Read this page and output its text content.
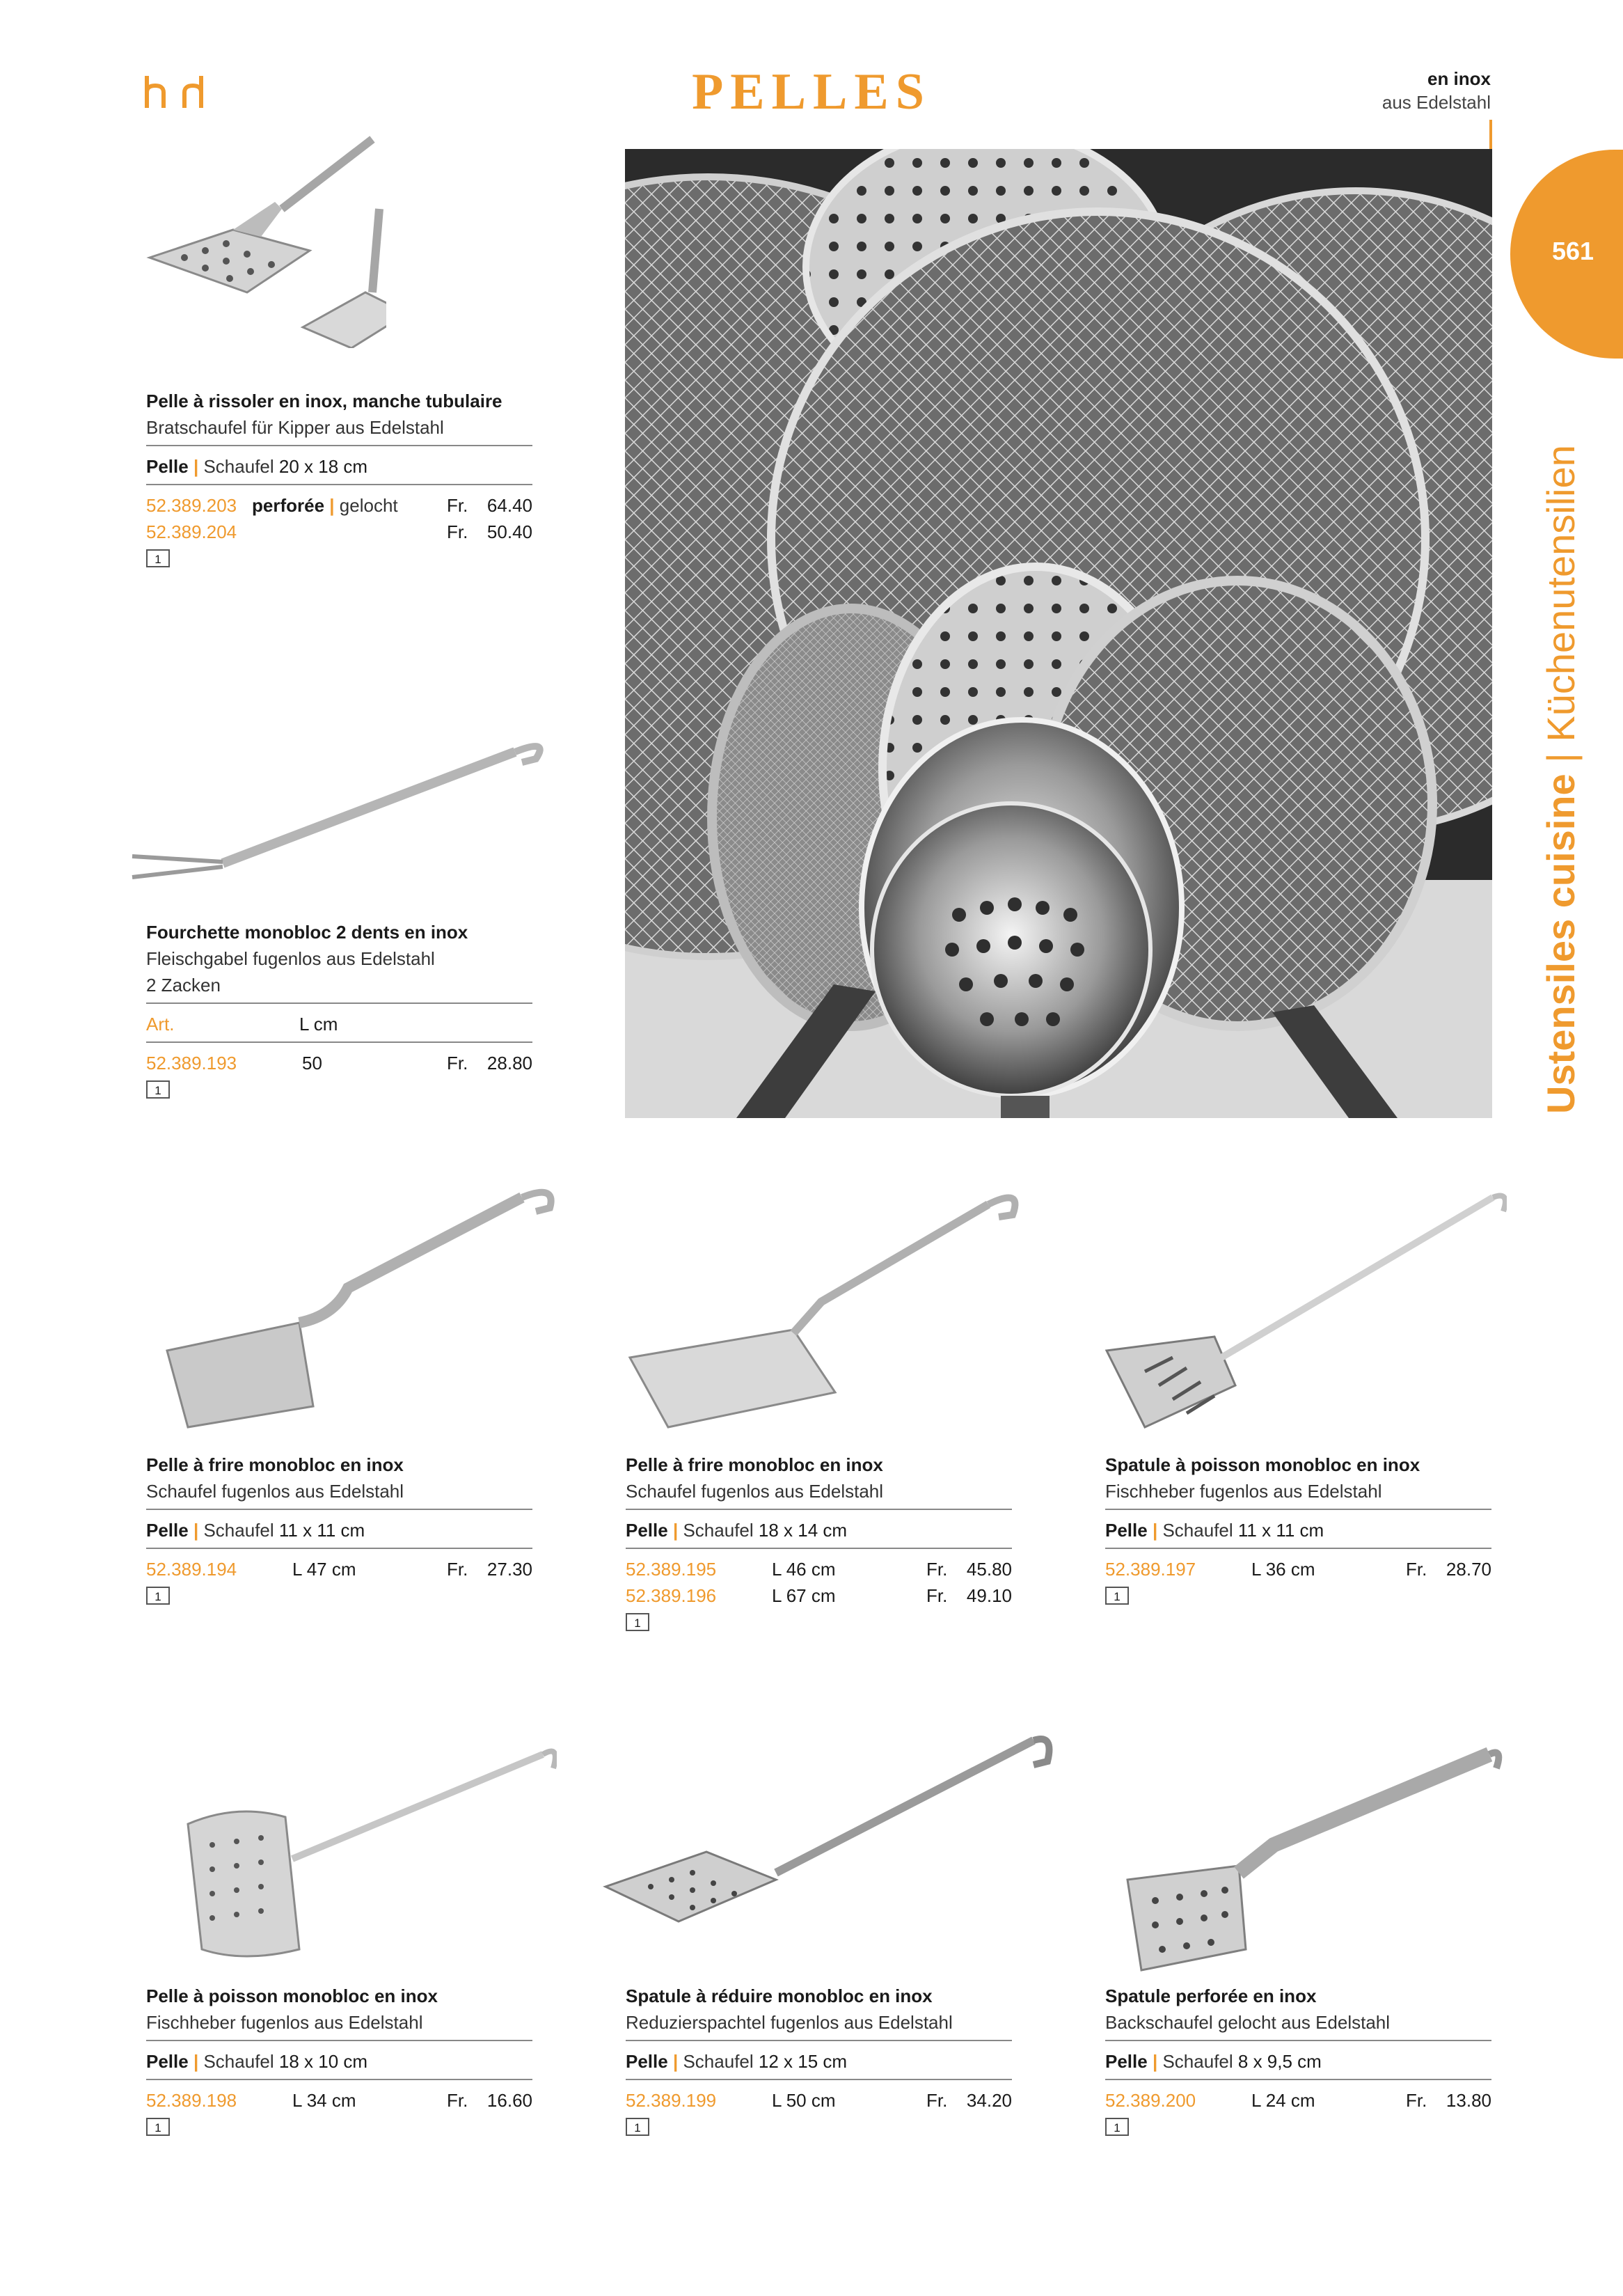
PELLES	en inox
aus Edelstahl
561
Ustensiles cuisine | Küchenutensilien
Pelle à rissoler en inox, manche tubulaire
Bratschaufel für Kipper aus Edelstahl
Pelle | Schaufel 20 x 18 cm
52.389.203 perforée | gelocht	Fr. 64.40
52.389.204	Fr. 50.40
1
Fourchette monobloc 2 dents en inox
Fleischgabel fugenlos aus Edelstahl
2 Zacken
Art.	L cm
52.389.193	50	Fr. 28.80
1
Pelle à frire monobloc en inox
Schaufel fugenlos aus Edelstahl
Pelle | Schaufel 11 x 11 cm
52.389.194	L 47 cm	Fr. 27.30
1
Pelle à frire monobloc en inox
Schaufel fugenlos aus Edelstahl
Pelle | Schaufel 18 x 14 cm
52.389.195	L 46 cm	Fr. 45.80
52.389.196	L 67 cm	Fr. 49.10
1
Spatule à poisson monobloc en inox
Fischheber fugenlos aus Edelstahl
Pelle | Schaufel 11 x 11 cm
52.389.197	L 36 cm	Fr. 28.70
1
Pelle à poisson monobloc en inox
Fischheber fugenlos aus Edelstahl
Pelle | Schaufel 18 x 10 cm
52.389.198	L 34 cm	Fr. 16.60
1
Spatule à réduire monobloc en inox
Reduzierspachtel fugenlos aus Edelstahl
Pelle | Schaufel 12 x 15 cm
52.389.199	L 50 cm	Fr. 34.20
1
Spatule perforée en inox
Backschaufel gelocht aus Edelstahl
Pelle | Schaufel 8 x 9,5 cm
52.389.200	L 24 cm	Fr. 13.80
1
